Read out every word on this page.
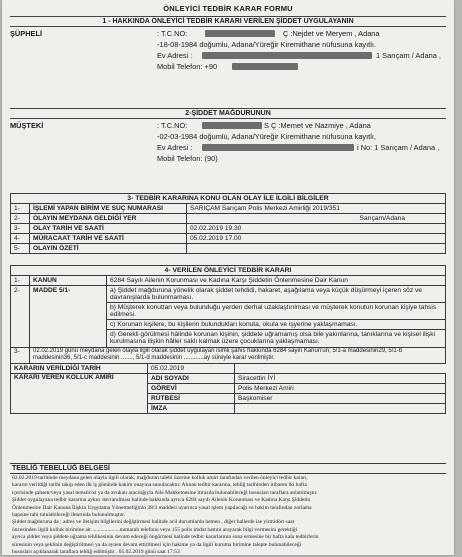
ÖNLEYİCİ TEDBİR KARAR FORMU
1 - HAKKINDA ÖNLEYİCİ TEDBİR KARARI VERİLEN ŞİDDET UYGULAYANIN
ŞÜPHELİ	: T.C.NO:	Ç :Nejdet ve Meryem , Adana
-18-08-1984 doğumlu, Adana/Yüreğir Kiremithane nüfusuna kayıtlı.
Ev Adresi :	1 Sarıçam / Adana ,
Mobil Telefon: +90
2-ŞİDDET MAĞDURUNUN
MÜŞTEKİ	: T.C.NO:	S Ç :Memet ve Nazmiye , Adana
-02-03-1984 doğumlu, Adana/Yüreğir Kiremithane nüfusuna kayıtlı,
Ev Adresi :	i No: 1 Sarıçam / Adana ,
Mobil Telefon: (90)
3- TEDBİR KARARINA KONU OLAN OLAY İLE İLGİLİ BİLGİLER
1-	İŞLEMİ YAPAN BİRİM VE SUÇ NUMARASI	SARIÇAM Sarıçam Polis Merkezi Amirliği 2019/351
2-	OLAYIN MEYDANA GELDİĞİ YER	Sarıçam/Adana
3-	OLAY TARİH VE SAATİ	02.02.2019 19.30
4-	MÜRACAAT TARİH VE SAATİ	05.02.2019 17.00
5-	OLAYIN ÖZETİ	
4- VERİLEN ÖNLEYİCİ TEDBİR KARARI
1-	KANUN	6284 Sayılı Ailenin Korunması ve Kadına Karşı Şiddetin Önlenmesine Dair Kanun
2-	MADDE 5/1-	a) Şiddet mağduruna yönelik olarak şiddet tehdidi, hakaret, aşağılama veya küçük düşürmeyi içeren söz ve davranışlarda bulunmaması.
		b) Müşterek konuttan veya bulunduğu yerden derhal uzaklaştırılması ve müşterek konutun korunan kişiye tahsis edilmesi.
		c) Korunan kişilere, bu kişilerin bulundukları konuta, okula ve işyerine yaklaşmaması.
		d) Gerekli görülmesi hâlinde korunan kişinin, şiddete uğramamış olsa bile yakınlarına, tanıklarına ve kişisel ilişki kurulmasına ilişkin hâller saklı kalmak üzere çocuklarına yaklaşmaması.
3-	02.02.2019 günü meydana gelen olayla ilgili olarak şiddet uygulayan isimli şahıs hakkında 6284 sayılı Kanun'un; 5/1-a maddesinin29, 5/1-b maddesinin36, 5/1-c maddesinin ......., 5/1-d maddesinin ............ay süreyle karar verilmiştir.	
KARARIN VERİLDİĞİ TARİH	05.02.2019	
KARARI VEREN KOLLUK AMİRİ	ADI SOYADI	Siracettin İYİ
	GÖREVİ	Polis Merkezi Amiri
	RÜTBESİ	Başkomiser
	İMZA	
TEBLİĞ TEBELLÜĞ BELGESİ
02.02.2019 tarihinde meydana gelen olayla ilgili olarak, mağdurun talebi üzerine kolluk amiri tarafından verilen önleyici tedbir kararı,
kararın verildiği tarihi takip eden ilk iş gününde hakim onayına sunulacaktır. Alınan tedbir kararına, tebliğ tarihinden itibaren iki hafta
içerisinde şahsen/veya yasal temsilcisi ya da avukatı aracılığıyla Aile Mahkemesine itirazda bulunabileceği hususları taraflara anlatılmıştır.
Şiddet uygulayana tedbir kararına aykırı davranılması halinde hakkında ayrıca 6284 sayılı Ailenin Korunması ve Kadına Karşı Şiddetin
Önlenmesine Dair Kanuna İlişkin Uygulama Yönetmeliğinin 38/3 maddesi uyarınca yasal işlem yapılacağı ve hakim tarafından zorlama
hapsine tabi tutulabileceği ihtarında bulunulmuştur.
Şiddet mağduruna da ; adres ve iletişim bilgilerini değiştirmesi halinde acil durumlarda hemen , diğer hallerde ise yirmidört saat
öncesinden ilgili kolluk birimine ait ....................numaralı telefonu veya 155 polis imdat hattını arayarak bilgi vermesini gerektiği
ayrıca şiddet veya şiddete uğrama tehlikesinin devam edeceği öngörmesi halinde tedbir kararlarının sona ermesine bir hafta kala tedbirlerin
süresinin veya şeklinin değiştirilmesi ya da aynen devam ettirilmesi için hakime ya da ilgili kuruma birimine talepte bulunabileceği
hususları açıklanarak taraflara tebliğ edilmiştir . 05.02.2019 günü saat 17:53
